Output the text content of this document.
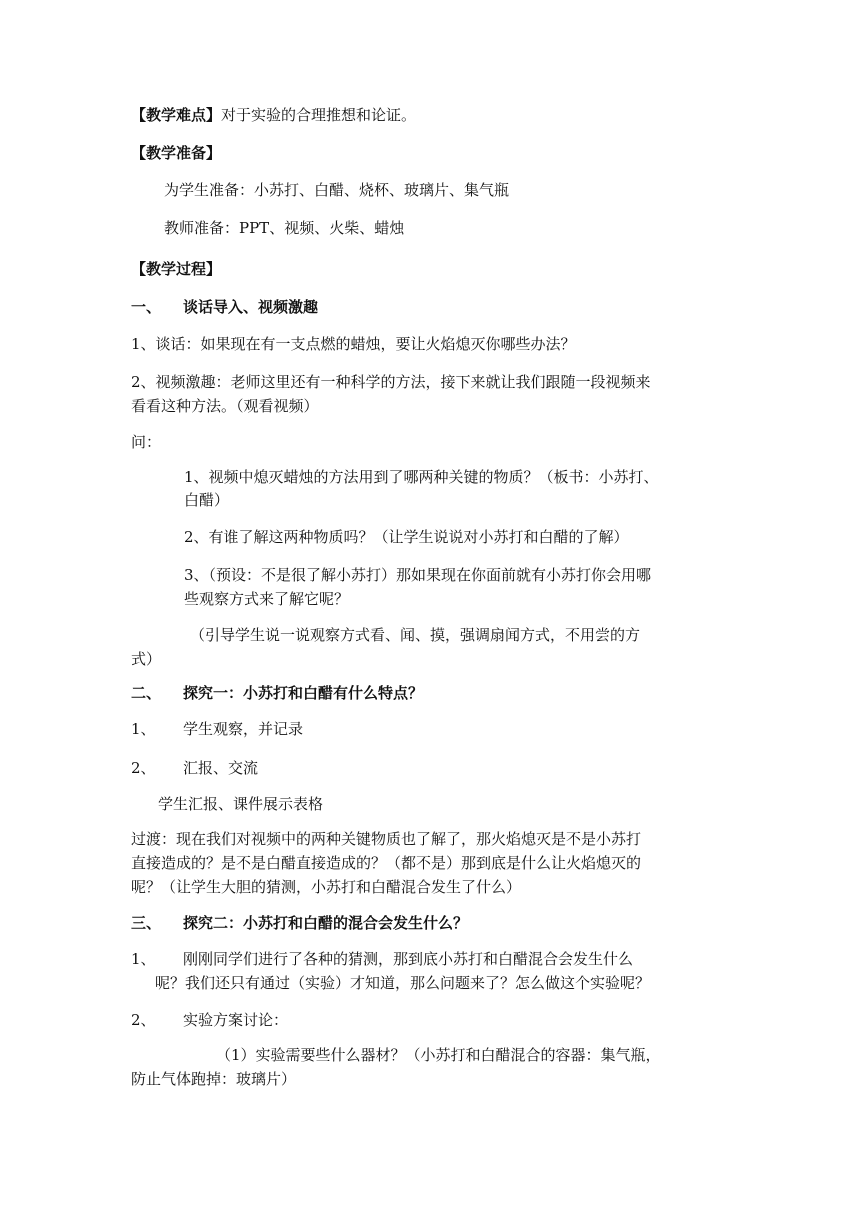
【教学难点】对于实验的合理推想和论证。
【教学准备】
为学生准备：小苏打、白醋、烧杯、玻璃片、集气瓶
教师准备：PPT、视频、火柴、蜡烛
【教学过程】
一、 谈话导入、视频激趣
1、谈话：如果现在有一支点燃的蜡烛，要让火焰熄灭你哪些办法？
2、视频激趣：老师这里还有一种科学的方法，接下来就让我们跟随一段视频来
看看这种方法。（观看视频）
问：
1、视频中熄灭蜡烛的方法用到了哪两种关键的物质？（板书：小苏打、
白醋）
2、有谁了解这两种物质吗？（让学生说说对小苏打和白醋的了解）
3、（预设：不是很了解小苏打）那如果现在你面前就有小苏打你会用哪
些观察方式来了解它呢？
（引导学生说一说观察方式看、闻、摸，强调扇闻方式，不用尝的方
式）
二、 探究一：小苏打和白醋有什么特点？
1、 学生观察，并记录
2、 汇报、交流
学生汇报、课件展示表格
过渡：现在我们对视频中的两种关键物质也了解了，那火焰熄灭是不是小苏打
直接造成的？是不是白醋直接造成的？（都不是）那到底是什么让火焰熄灭的
呢？（让学生大胆的猜测，小苏打和白醋混合发生了什么）
三、 探究二：小苏打和白醋的混合会发生什么？
1、 刚刚同学们进行了各种的猜测，那到底小苏打和白醋混合会发生什么
呢？我们还只有通过（实验）才知道，那么问题来了？怎么做这个实验呢？
2、 实验方案讨论：
（1）实验需要些什么器材？（小苏打和白醋混合的容器：集气瓶，
防止气体跑掉：玻璃片）
